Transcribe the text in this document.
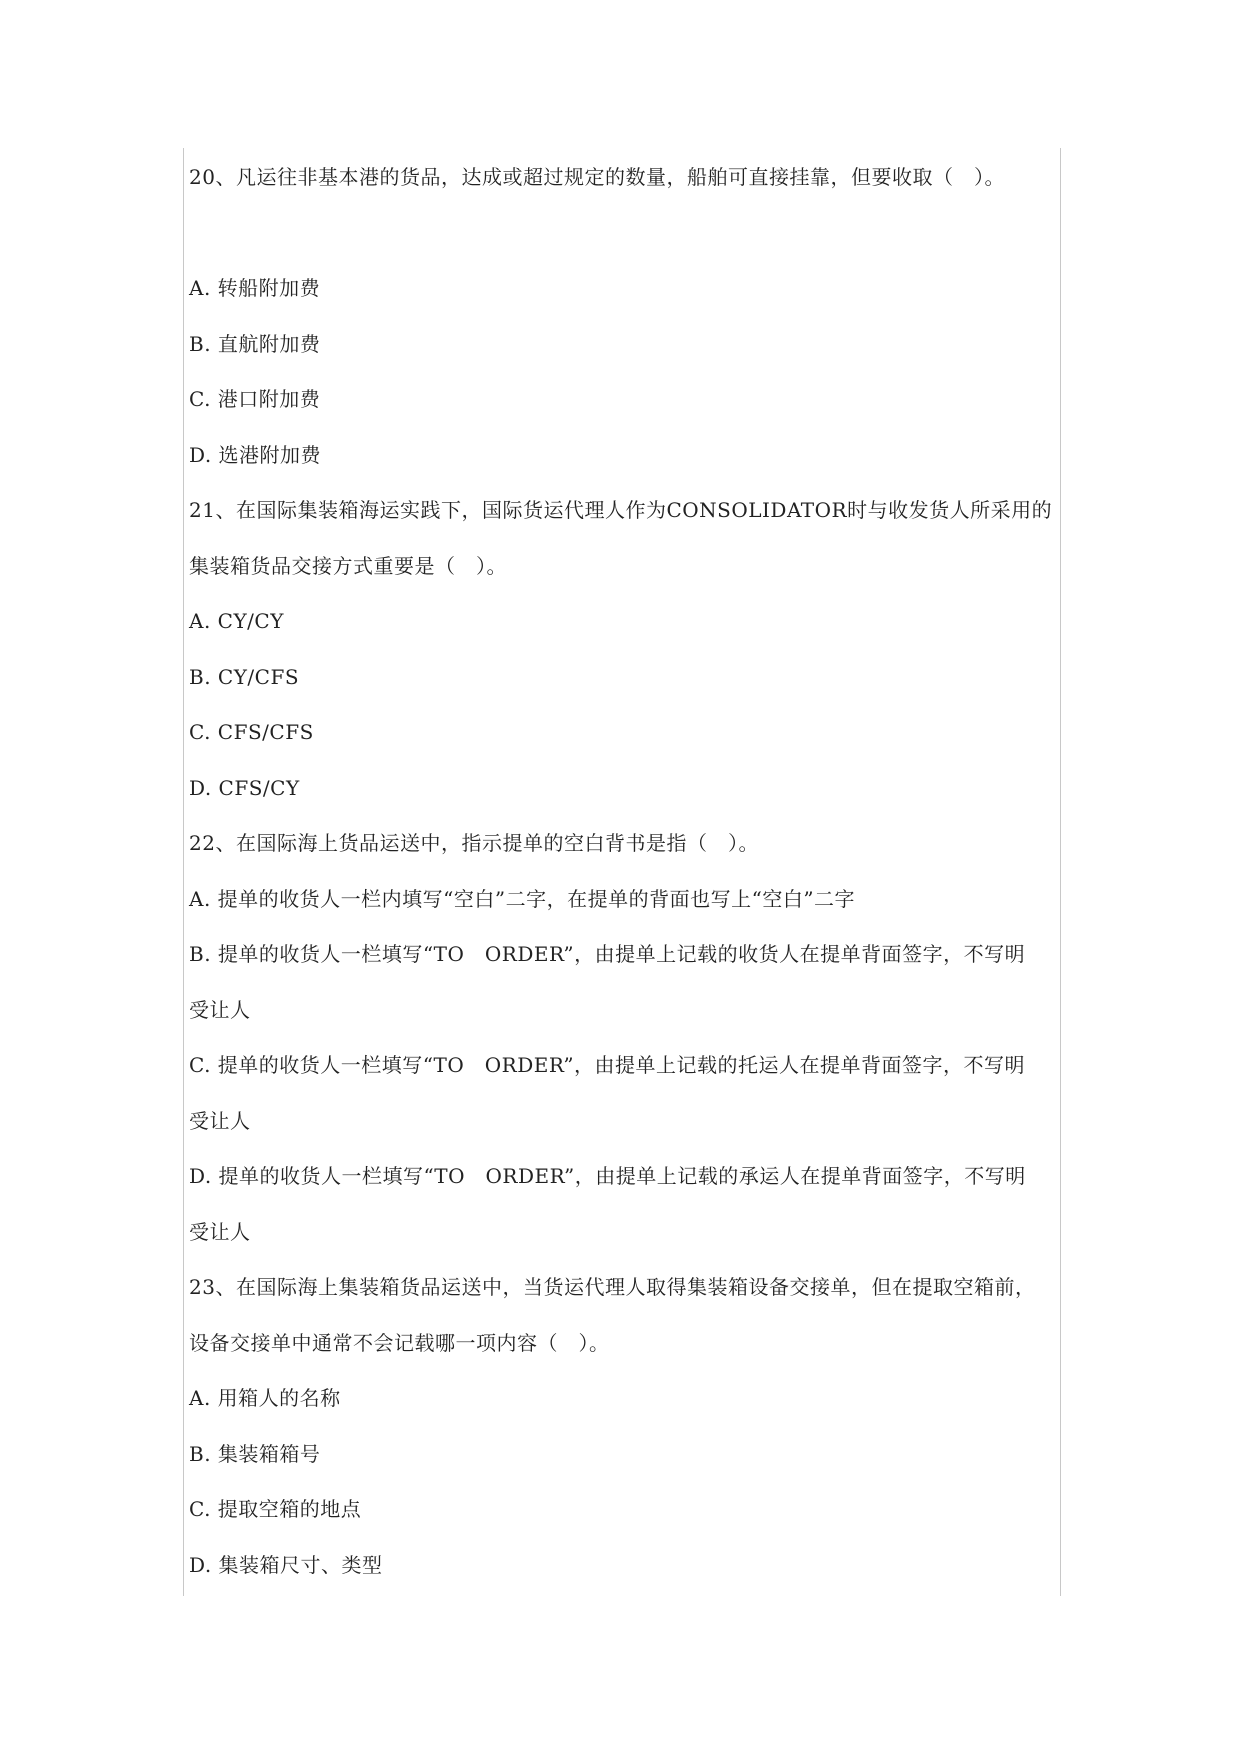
20、凡运往非基本港的货品，达成或超过规定的数量，船舶可直接挂靠，但要收取（　）。
A. 转船附加费
B. 直航附加费
C. 港口附加费
D. 选港附加费
21、在国际集装箱海运实践下，国际货运代理人作为CONSOLIDATOR时与收发货人所采用的
集装箱货品交接方式重要是（　）。
A. CY/CY
B. CY/CFS
C. CFS/CFS
D. CFS/CY
22、在国际海上货品运送中，指示提单的空白背书是指（　）。
A. 提单的收货人一栏内填写“空白”二字，在提单的背面也写上“空白”二字
B. 提单的收货人一栏填写“TO　ORDER”，由提单上记载的收货人在提单背面签字，不写明
受让人
C. 提单的收货人一栏填写“TO　ORDER”，由提单上记载的托运人在提单背面签字，不写明
受让人
D. 提单的收货人一栏填写“TO　ORDER”，由提单上记载的承运人在提单背面签字，不写明
受让人
23、在国际海上集装箱货品运送中，当货运代理人取得集装箱设备交接单，但在提取空箱前，
设备交接单中通常不会记载哪一项内容（　）。
A. 用箱人的名称
B. 集装箱箱号
C. 提取空箱的地点
D. 集装箱尺寸、类型
